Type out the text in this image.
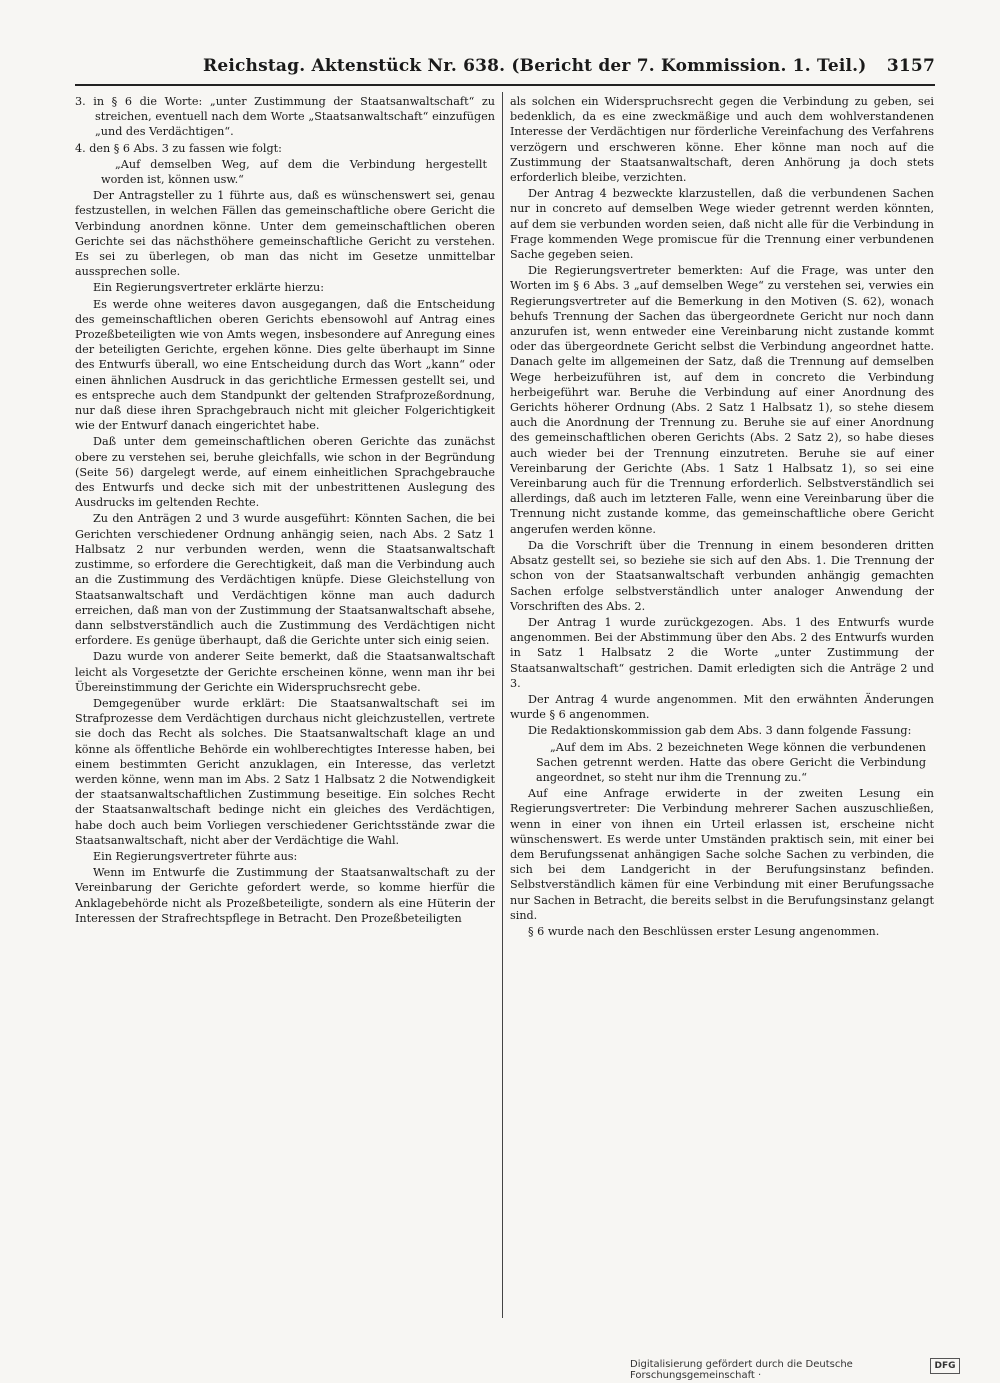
Reichstag. Aktenstück Nr. 638. (Bericht der 7. Kommission. 1. Teil.) 3157

3. in § 6 die Worte: „unter Zustimmung der Staatsanwaltschaft“ zu streichen, eventuell nach dem Worte „Staatsanwaltschaft“ einzufügen „und des Verdächtigen“.

4. den § 6 Abs. 3 zu fassen wie folgt:

„Auf demselben Weg, auf dem die Verbindung hergestellt worden ist, können usw.“

Der Antragsteller zu 1 führte aus, daß es wünschenswert sei, genau festzustellen, in welchen Fällen das gemeinschaftliche obere Gericht die Verbindung anordnen könne. Unter dem gemeinschaftlichen oberen Gerichte sei das nächsthöhere gemeinschaftliche Gericht zu verstehen. Es sei zu überlegen, ob man das nicht im Gesetze unmittelbar aussprechen solle.

Ein Regierungsvertreter erklärte hierzu:

Es werde ohne weiteres davon ausgegangen, daß die Entscheidung des gemeinschaftlichen oberen Gerichts ebensowohl auf Antrag eines Prozeßbeteiligten wie von Amts wegen, insbesondere auf Anregung eines der beteiligten Gerichte, ergehen könne. Dies gelte überhaupt im Sinne des Entwurfs überall, wo eine Entscheidung durch das Wort „kann“ oder einen ähnlichen Ausdruck in das gerichtliche Ermessen gestellt sei, und es entspreche auch dem Standpunkt der geltenden Strafprozeßordnung, nur daß diese ihren Sprachgebrauch nicht mit gleicher Folgerichtigkeit wie der Entwurf danach eingerichtet habe.

Daß unter dem gemeinschaftlichen oberen Gerichte das zunächst obere zu verstehen sei, beruhe gleichfalls, wie schon in der Begründung (Seite 56) dargelegt werde, auf einem einheitlichen Sprachgebrauche des Entwurfs und decke sich mit der unbestrittenen Auslegung des Ausdrucks im geltenden Rechte.

Zu den Anträgen 2 und 3 wurde ausgeführt: Könnten Sachen, die bei Gerichten verschiedener Ordnung anhängig seien, nach Abs. 2 Satz 1 Halbsatz 2 nur verbunden werden, wenn die Staatsanwaltschaft zustimme, so erfordere die Gerechtigkeit, daß man die Verbindung auch an die Zustimmung des Verdächtigen knüpfe. Diese Gleichstellung von Staatsanwaltschaft und Verdächtigen könne man auch dadurch erreichen, daß man von der Zustimmung der Staatsanwaltschaft absehe, dann selbstverständlich auch die Zustimmung des Verdächtigen nicht erfordere. Es genüge überhaupt, daß die Gerichte unter sich einig seien.

Dazu wurde von anderer Seite bemerkt, daß die Staatsanwaltschaft leicht als Vorgesetzte der Gerichte erscheinen könne, wenn man ihr bei Übereinstimmung der Gerichte ein Widerspruchsrecht gebe.

Demgegenüber wurde erklärt: Die Staatsanwaltschaft sei im Strafprozesse dem Verdächtigen durchaus nicht gleichzustellen, vertrete sie doch das Recht als solches. Die Staatsanwaltschaft klage an und könne als öffentliche Behörde ein wohlberechtigtes Interesse haben, bei einem bestimmten Gericht anzuklagen, ein Interesse, das verletzt werden könne, wenn man im Abs. 2 Satz 1 Halbsatz 2 die Notwendigkeit der staatsanwaltschaftlichen Zustimmung beseitige. Ein solches Recht der Staatsanwaltschaft bedinge nicht ein gleiches des Verdächtigen, habe doch auch beim Vorliegen verschiedener Gerichtsstände zwar die Staatsanwaltschaft, nicht aber der Verdächtige die Wahl.

Ein Regierungsvertreter führte aus:

Wenn im Entwurfe die Zustimmung der Staatsanwaltschaft zu der Vereinbarung der Gerichte gefordert werde, so komme hierfür die Anklagebehörde nicht als Prozeßbeteiligte, sondern als eine Hüterin der Interessen der Strafrechtspflege in Betracht. Den Prozeßbeteiligten

als solchen ein Widerspruchsrecht gegen die Verbindung zu geben, sei bedenklich, da es eine zweckmäßige und auch dem wohlverstandenen Interesse der Verdächtigen nur förderliche Vereinfachung des Verfahrens verzögern und erschweren könne. Eher könne man noch auf die Zustimmung der Staatsanwaltschaft, deren Anhörung ja doch stets erforderlich bleibe, verzichten.

Der Antrag 4 bezweckte klarzustellen, daß die verbundenen Sachen nur in concreto auf demselben Wege wieder getrennt werden könnten, auf dem sie verbunden worden seien, daß nicht alle für die Verbindung in Frage kommenden Wege promiscue für die Trennung einer verbundenen Sache gegeben seien.

Die Regierungsvertreter bemerkten: Auf die Frage, was unter den Worten im § 6 Abs. 3 „auf demselben Wege“ zu verstehen sei, verwies ein Regierungsvertreter auf die Bemerkung in den Motiven (S. 62), wonach behufs Trennung der Sachen das übergeordnete Gericht nur noch dann anzurufen ist, wenn entweder eine Vereinbarung nicht zustande kommt oder das übergeordnete Gericht selbst die Verbindung angeordnet hatte. Danach gelte im allgemeinen der Satz, daß die Trennung auf demselben Wege herbeizuführen ist, auf dem in concreto die Verbindung herbeigeführt war. Beruhe die Verbindung auf einer Anordnung des Gerichts höherer Ordnung (Abs. 2 Satz 1 Halbsatz 1), so stehe diesem auch die Anordnung der Trennung zu. Beruhe sie auf einer Anordnung des gemeinschaftlichen oberen Gerichts (Abs. 2 Satz 2), so habe dieses auch wieder bei der Trennung einzutreten. Beruhe sie auf einer Vereinbarung der Gerichte (Abs. 1 Satz 1 Halbsatz 1), so sei eine Vereinbarung auch für die Trennung erforderlich. Selbstverständlich sei allerdings, daß auch im letzteren Falle, wenn eine Vereinbarung über die Trennung nicht zustande komme, das gemeinschaftliche obere Gericht angerufen werden könne.

Da die Vorschrift über die Trennung in einem besonderen dritten Absatz gestellt sei, so beziehe sie sich auf den Abs. 1. Die Trennung der schon von der Staatsanwaltschaft verbunden anhängig gemachten Sachen erfolge selbstverständlich unter analoger Anwendung der Vorschriften des Abs. 2.

Der Antrag 1 wurde zurückgezogen. Abs. 1 des Entwurfs wurde angenommen. Bei der Abstimmung über den Abs. 2 des Entwurfs wurden in Satz 1 Halbsatz 2 die Worte „unter Zustimmung der Staatsanwaltschaft“ gestrichen. Damit erledigten sich die Anträge 2 und 3.

Der Antrag 4 wurde angenommen. Mit den erwähnten Änderungen wurde § 6 angenommen.

Die Redaktionskommission gab dem Abs. 3 dann folgende Fassung:

„Auf dem im Abs. 2 bezeichneten Wege können die verbundenen Sachen getrennt werden. Hatte das obere Gericht die Verbindung angeordnet, so steht nur ihm die Trennung zu.“

Auf eine Anfrage erwiderte in der zweiten Lesung ein Regierungsvertreter: Die Verbindung mehrerer Sachen auszuschließen, wenn in einer von ihnen ein Urteil erlassen ist, erscheine nicht wünschenswert. Es werde unter Umständen praktisch sein, mit einer bei dem Berufungssenat anhängigen Sache solche Sachen zu verbinden, die sich bei dem Landgericht in der Berufungsinstanz befinden. Selbstverständlich kämen für eine Verbindung mit einer Berufungssache nur Sachen in Betracht, die bereits selbst in die Berufungsinstanz gelangt sind.

§ 6 wurde nach den Beschlüssen erster Lesung angenommen.

Digitalisierung gefördert durch die Deutsche Forschungsgemeinschaft ·
DFG
